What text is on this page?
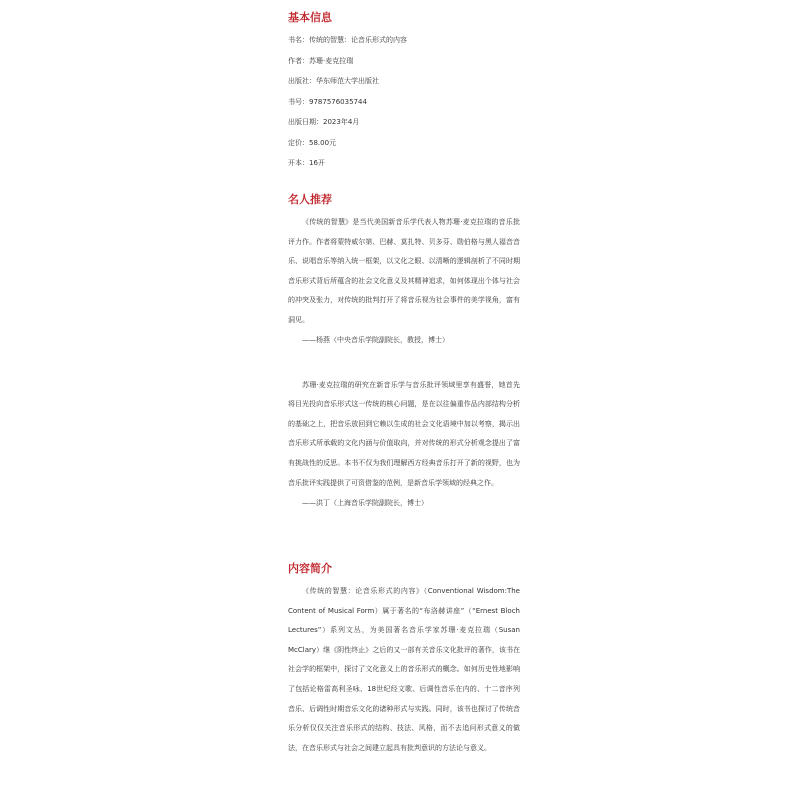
基本信息
书名：传统的智慧：论音乐形式的内容
作者：苏珊·麦克拉瑞
出版社：华东师范大学出版社
书号：9787576035744
出版日期：2023年4月
定价：58.00元
开本：16开
名人推荐

《传统的智慧》是当代美国新音乐学代表人物苏珊·麦克拉瑞的音乐批评力作。作者将蒙特威尔第、巴赫、莫扎特、贝多芬、勋伯格与黑人福音音乐、说唱音乐等纳入统一框架，以文化之眼、以清晰的逻辑剖析了不同时期音乐形式背后所蕴含的社会文化意义及其精神追求，如何体现出个体与社会的冲突及张力，对传统的批判打开了将音乐视为社会事件的美学视角，富有洞见。

——杨燕（中央音乐学院副院长，教授，博士）

苏珊·麦克拉瑞的研究在新音乐学与音乐批评领域里享有盛誉，她首先将目光投向音乐形式这一传统的核心问题，是在以往偏重作品内部结构分析的基础之上，把音乐放回到它赖以生成的社会文化语境中加以考察，揭示出音乐形式所承载的文化内涵与价值取向，并对传统的形式分析观念提出了富有挑战性的反思。本书不仅为我们理解西方经典音乐打开了新的视野，也为音乐批评实践提供了可资借鉴的范例，是新音乐学领域的经典之作。

——洪丁（上海音乐学院副院长，博士）

内容简介

《传统的智慧：论音乐形式的内容》（Conventional Wisdom:The Content of Musical Form）属于著名的“布洛赫讲座”（“Ernest Bloch Lectures”）系列文丛，为美国著名音乐学家苏珊·麦克拉瑞（Susan McClary）继《阴性终止》之后的又一部有关音乐文化批评的著作，该书在社会学的框架中，探讨了文化意义上的音乐形式的概念。如何历史性地影响了包括论格雷高利圣咏、18世纪经文歌、后调性音乐在内的、十二音序列音乐、后调性时期音乐文化的诸种形式与实践。同时，该书也探讨了传统音乐分析仅仅关注音乐形式的结构、技法、风格，而不去追问形式意义的做法，在音乐形式与社会之间建立起具有批判意识的方法论与意义。
